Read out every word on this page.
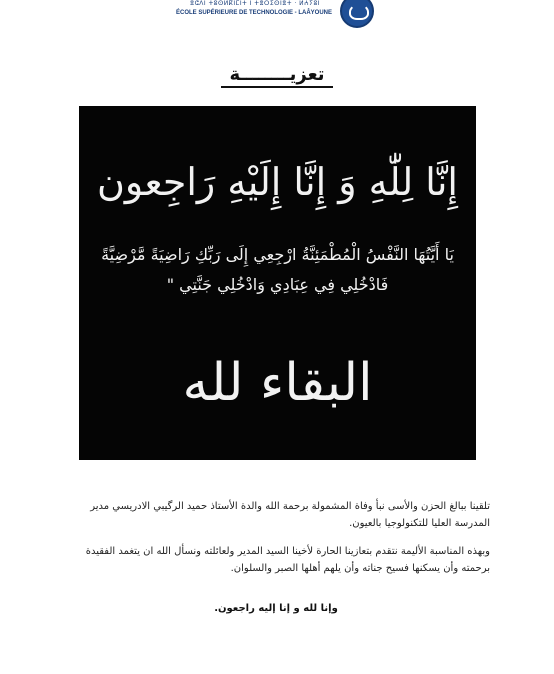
ⴻⵛⴷⵏ ⵜⵓⵙⵍⴽⵏⵎⵏⵜ ⵏ ⵜⴻⵔⵉⵙⵏⴻⵜ · ⵍⵄⵢⵓⵏ
ÉCOLE SUPÉRIEURE DE TECHNOLOGIE - LAÂYOUNE
تعزيــــــــة
إِنَّا لِلّٰهِ وَ إِنَّا إِلَيْهِ رَاجِعون
يَا أَيَّتُهَا النَّفْسُ الْمُطْمَئِنَّةُ ارْجِعِي إِلَى رَبِّكِ رَاضِيَةً مَّرْضِيَّةً
فَادْخُلِي فِي عِبَادِي وَادْخُلِي جَنَّتِي "
البقاء لله
تلقينا ببالغ الحزن والأسى نبأ وفاة المشمولة برحمة الله والدة الأستاذ حميد الرگيبي الادريسي مدير المدرسة العليا للتكنولوجيا بالعيون.
وبهذه المناسبة الأليمة نتقدم بتعازينا الحارة لأخينا السيد المدير ولعائلته ونسأل الله ان يتغمد الفقيدة برحمته وأن يسكنها فسيح جناته وأن يلهم أهلها الصبر والسلوان.
وإنا لله و إنا إليه راجعون.
